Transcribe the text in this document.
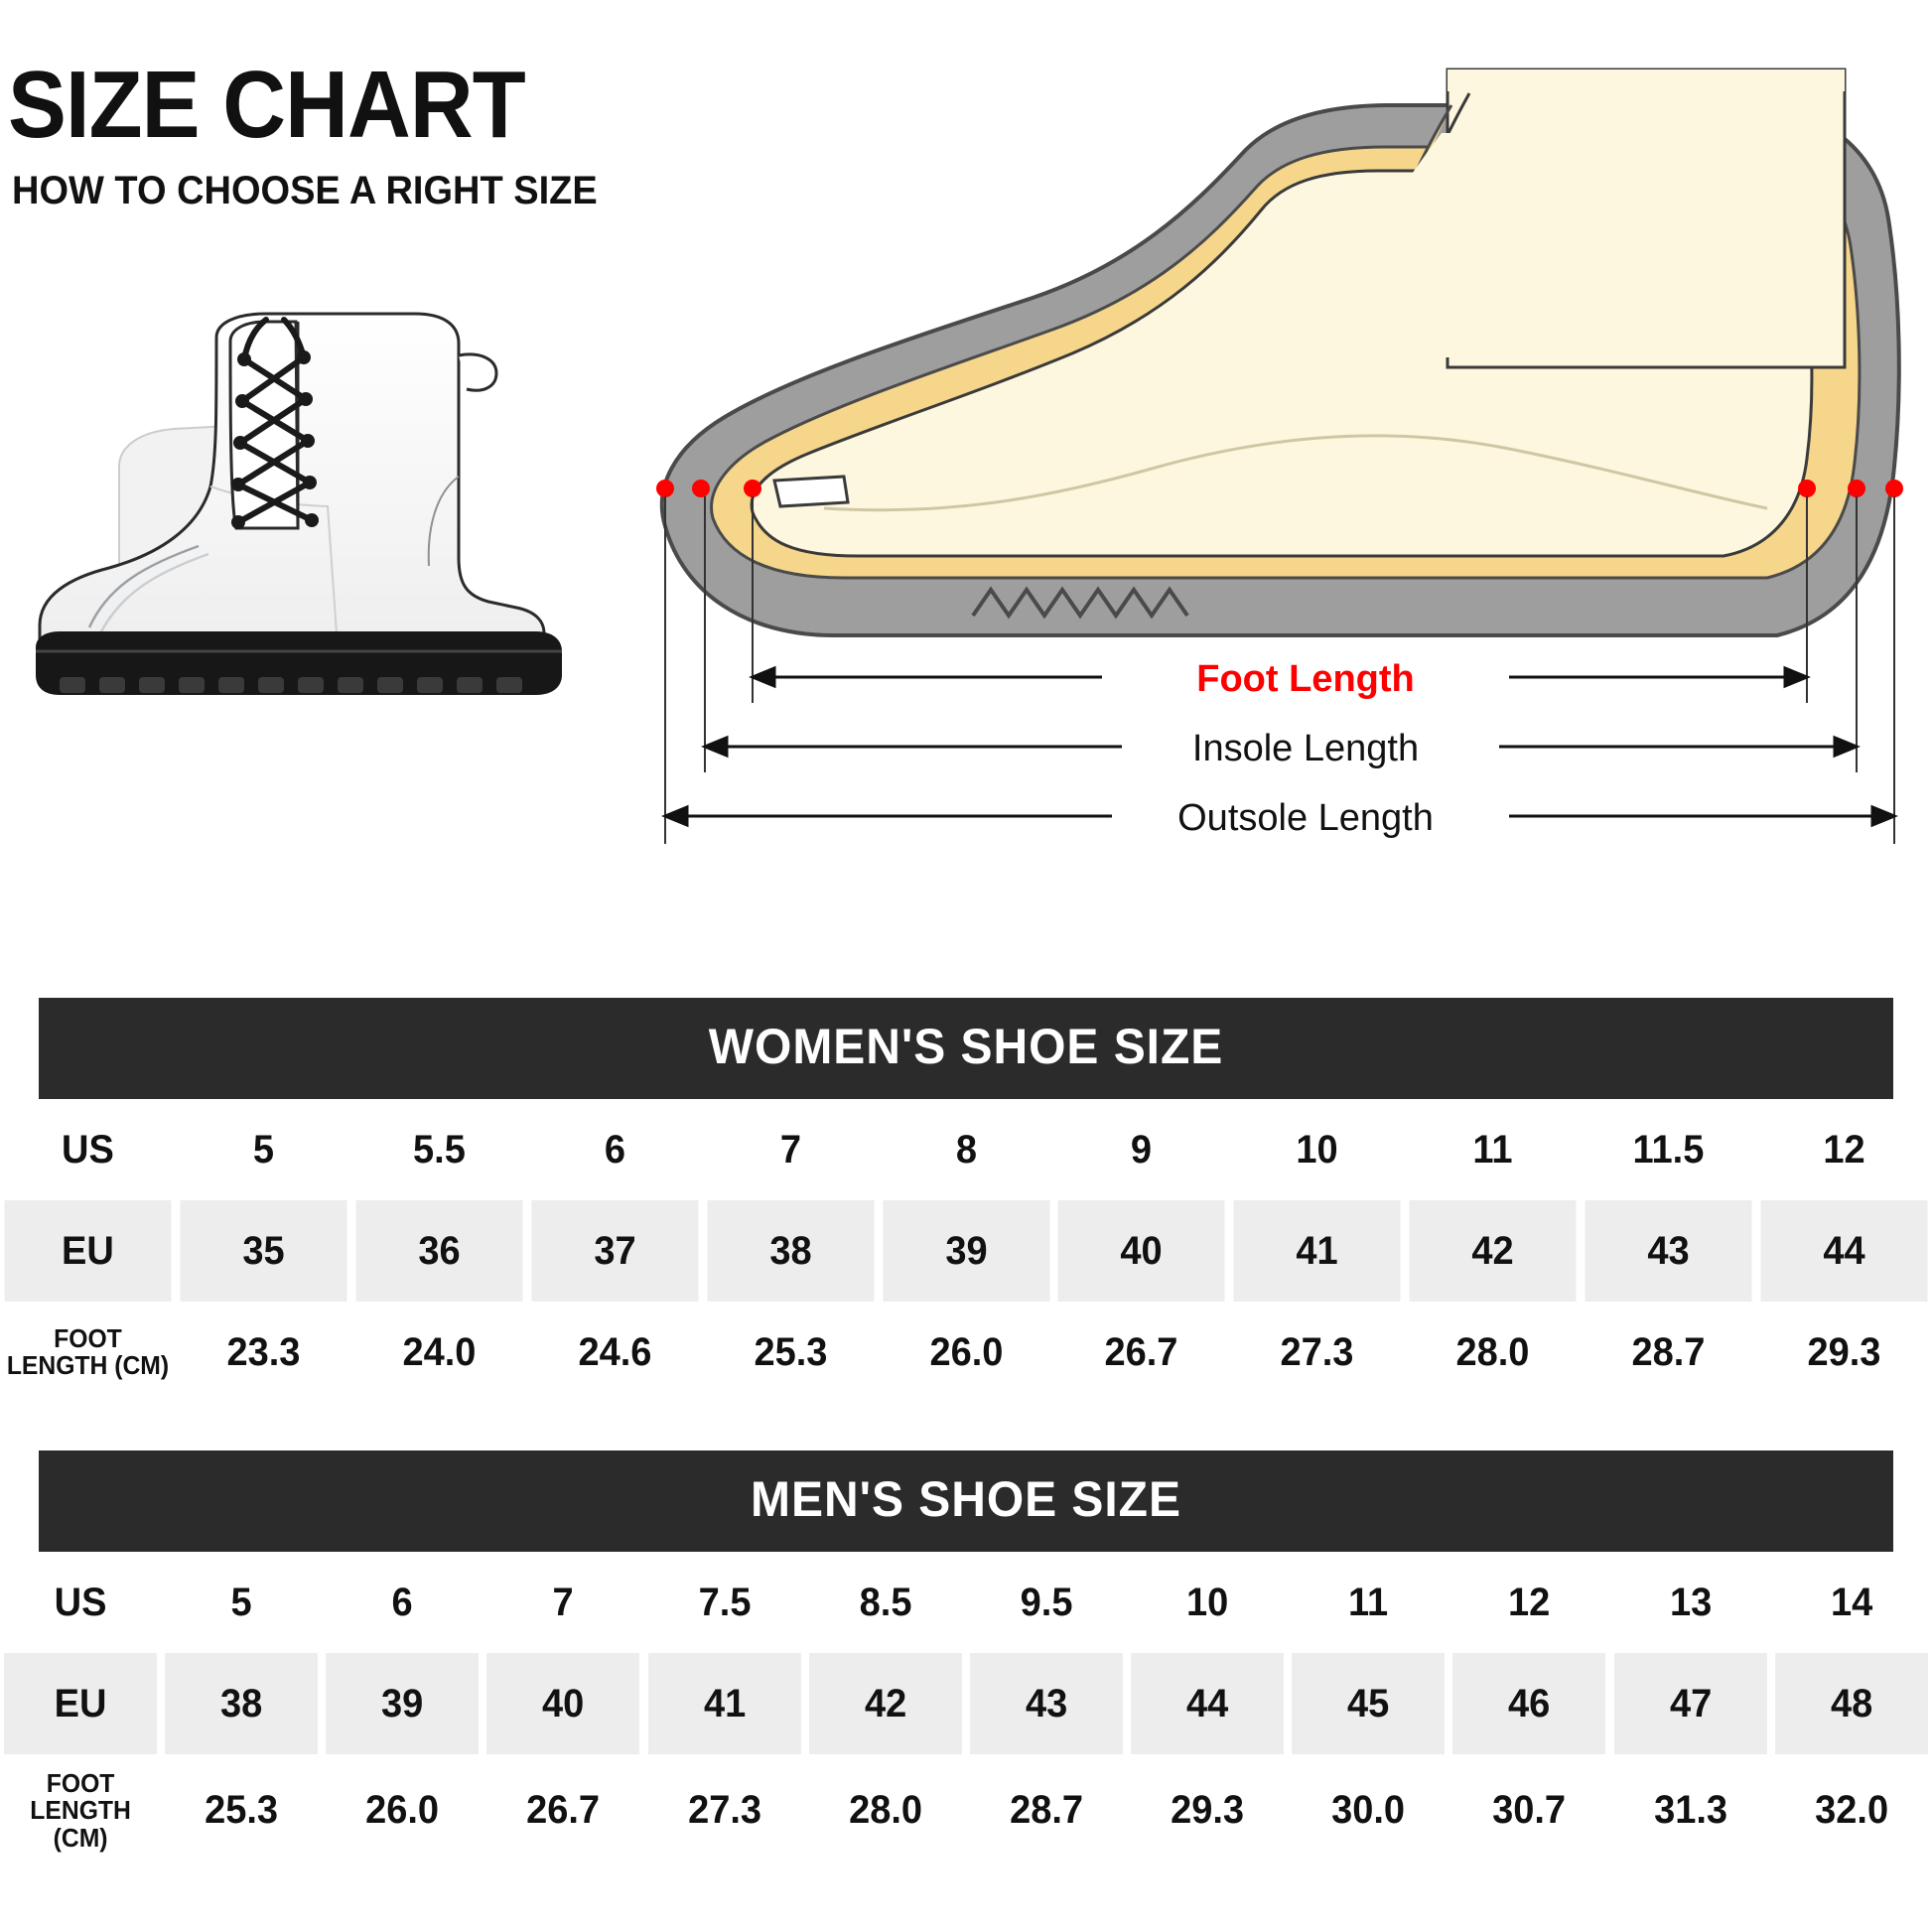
SIZE CHART
HOW TO CHOOSE A RIGHT SIZE
Foot Length
Insole Length
Outsole Length
WOMEN'S SHOE SIZE										
US	5	5.5	6	7	8	9	10	11	11.5	12
EU	35	36	37	38	39	40	41	42	43	44
FOOT
LENGTH (CM)	23.3	24.0	24.6	25.3	26.0	26.7	27.3	28.0	28.7	29.3
MEN'S SHOE SIZE											
US	5	6	7	7.5	8.5	9.5	10	11	12	13	14
EU	38	39	40	41	42	43	44	45	46	47	48
FOOT
LENGTH (CM)	25.3	26.0	26.7	27.3	28.0	28.7	29.3	30.0	30.7	31.3	32.0
